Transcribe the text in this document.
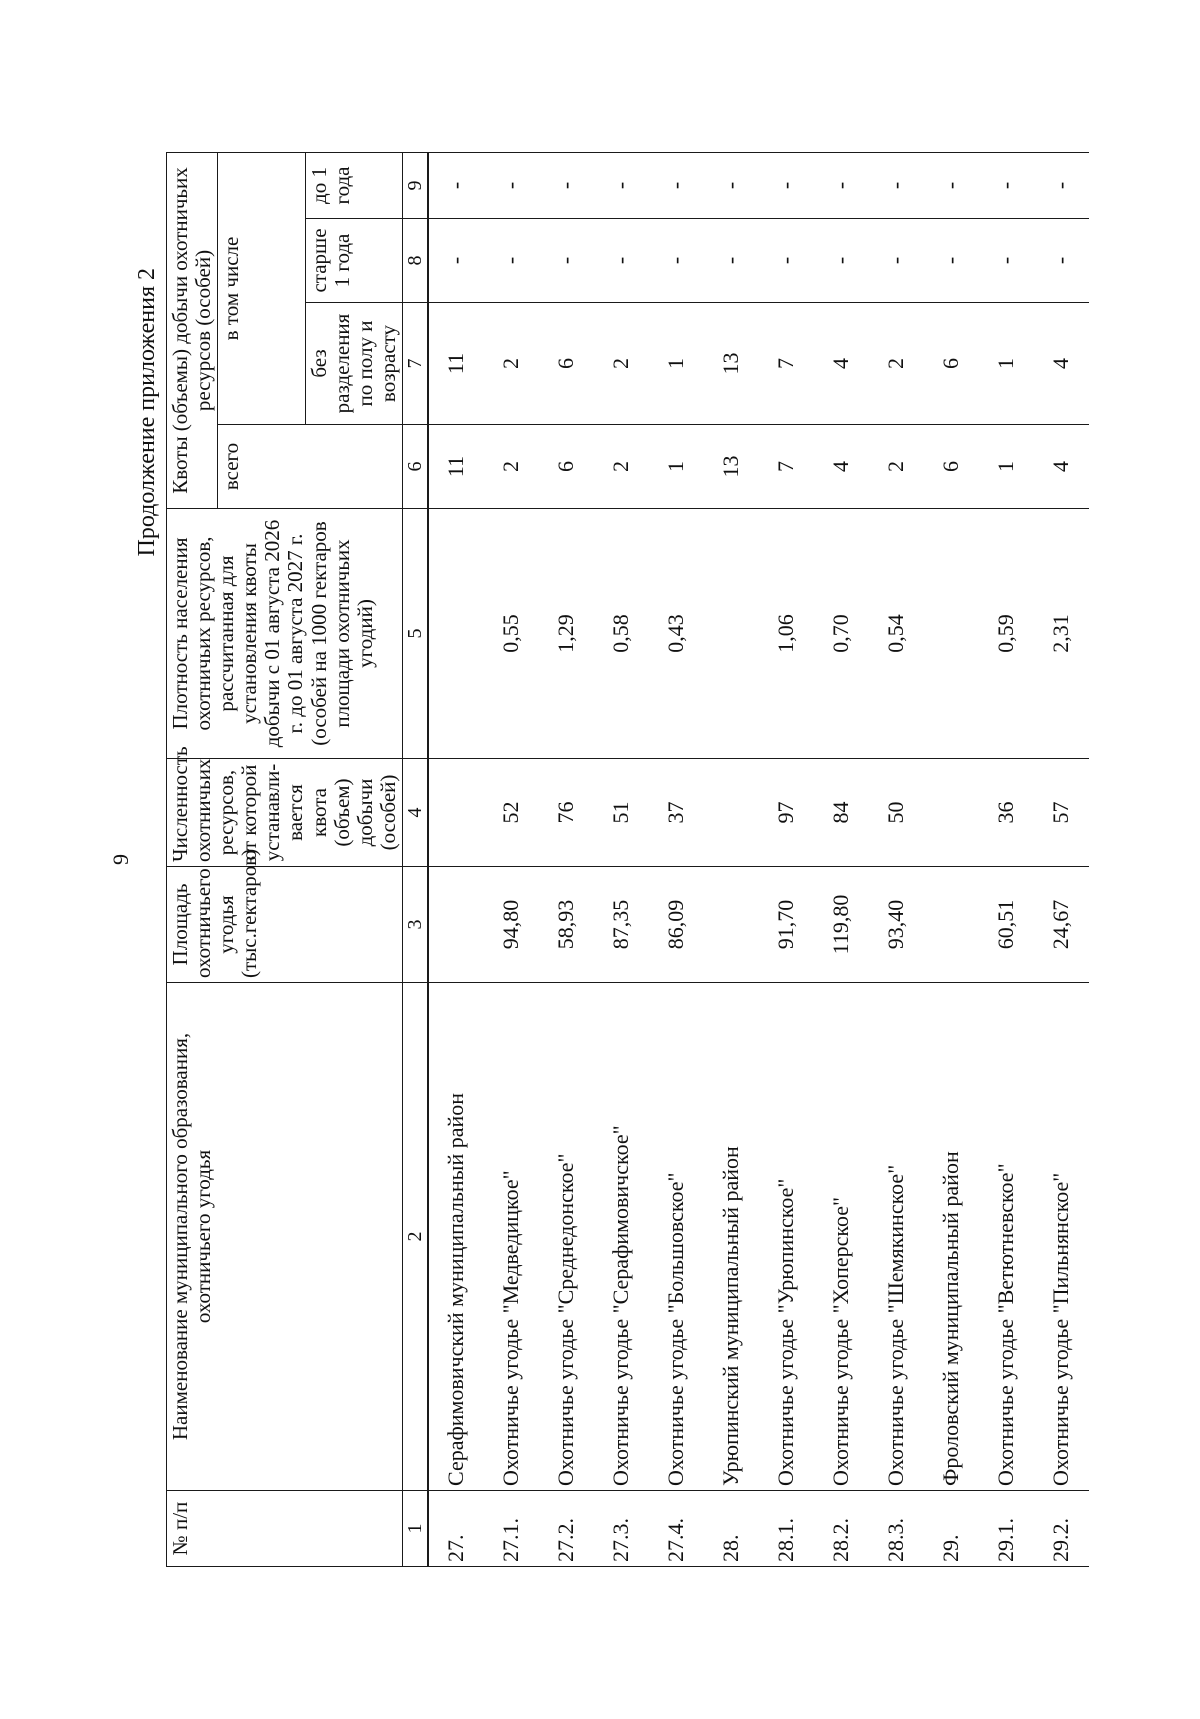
9
Продолжение приложения 2
№ п/п	Наименование муниципального образования, охотничьего угодья	Площадь охотничьего угодья (тыс.гектаров)	Численность охотничьих ресурсов, от которой устанавли-вается квота (объем) добычи (особей)	Плотность населения охотничьих ресурсов, рассчитанная для установления квоты добычи с 01 августа 2026 г. до 01 августа 2027 г. (особей на 1000 гектаров площади охотничьих угодий)	Квоты (объемы) добычи охотничьих ресурсов (особей)			
					всего	в том числе		
						без разделения по полу и возрасту	старше 1 года	до 1 года
1	2	3	4	5	6	7	8	9
27.	Серафимовичский муниципальный район				11	11	-	-
27.1.	Охотничье угодье "Медведицкое"	94,80	52	0,55	2	2	-	-
27.2.	Охотничье угодье "Среднедонское"	58,93	76	1,29	6	6	-	-
27.3.	Охотничье угодье "Серафимовичское"	87,35	51	0,58	2	2	-	-
27.4.	Охотничье угодье "Большовское"	86,09	37	0,43	1	1	-	-
28.	Урюпинский муниципальный район				13	13	-	-
28.1.	Охотничье угодье "Урюпинское"	91,70	97	1,06	7	7	-	-
28.2.	Охотничье угодье "Хоперское"	119,80	84	0,70	4	4	-	-
28.3.	Охотничье угодье "Шемякинское"	93,40	50	0,54	2	2	-	-
29.	Фроловский муниципальный район				6	6	-	-
29.1.	Охотничье угодье "Ветютневское"	60,51	36	0,59	1	1	-	-
29.2.	Охотничье угодье "Пильнянское"	24,67	57	2,31	4	4	-	-
